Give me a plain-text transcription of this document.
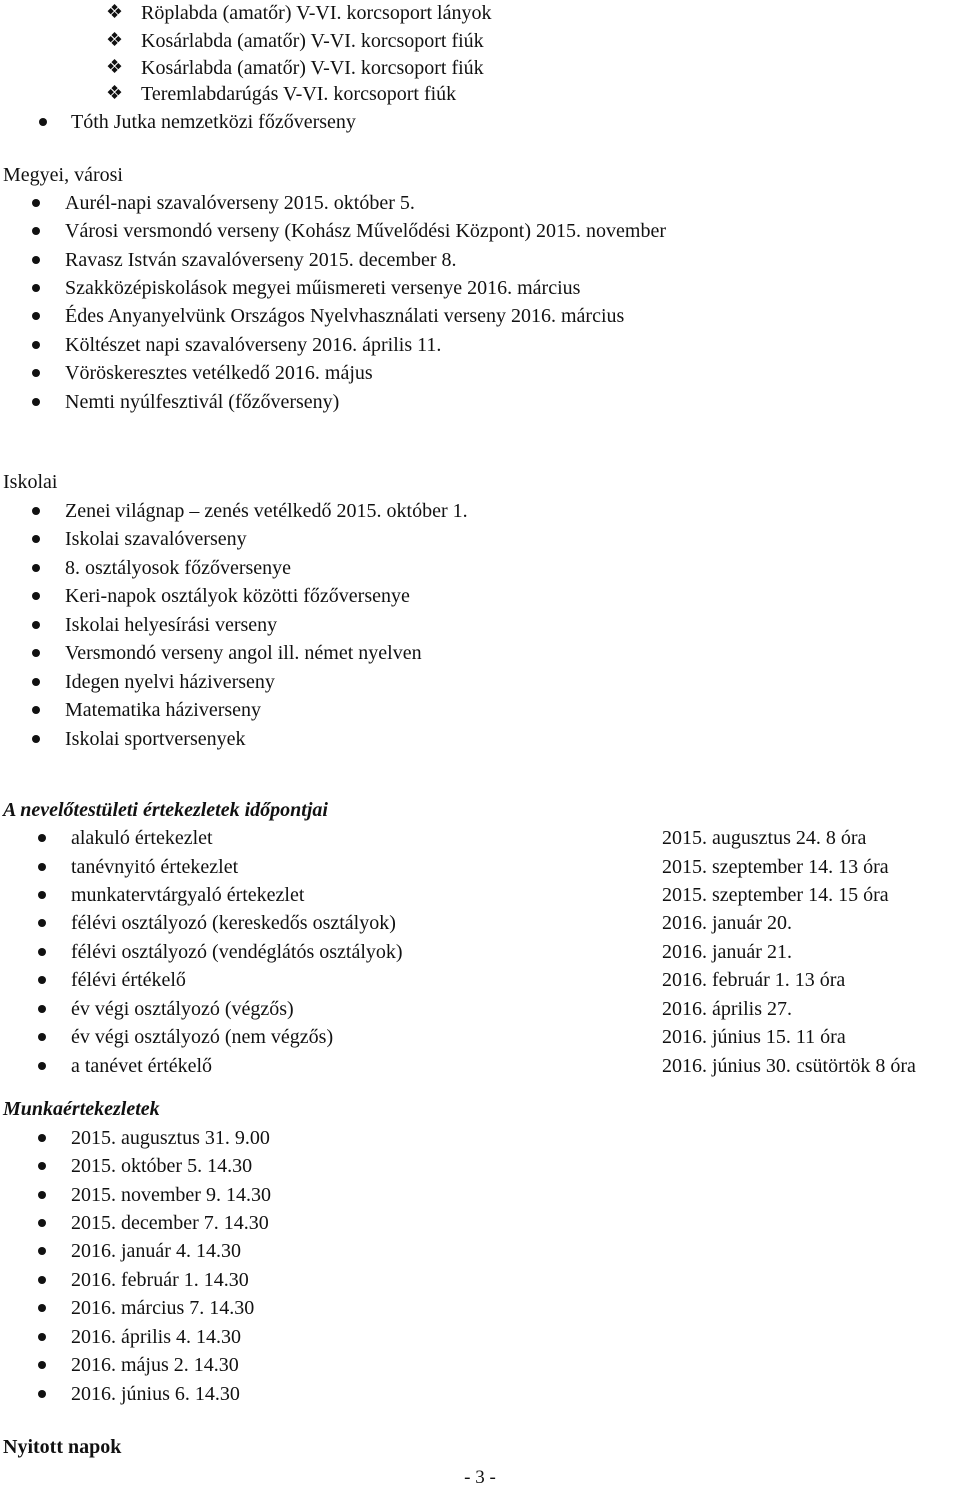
❖ Röplabda (amatőr) V-VI. korcsoport lányok
❖ Kosárlabda (amatőr) V-VI. korcsoport fiúk
❖ Kosárlabda (amatőr) V-VI. korcsoport fiúk
❖ Teremlabdarúgás V-VI. korcsoport fiúk
Tóth Jutka nemzetközi főzőverseny
Megyei, városi
Aurél-napi szavalóverseny 2015. október 5.
Városi versmondó verseny (Kohász Művelődési Központ) 2015. november
Ravasz István szavalóverseny 2015. december 8.
Szakközépiskolások megyei műismereti versenye 2016. március
Édes Anyanyelvünk Országos Nyelvhasználati verseny 2016. március
Költészet napi szavalóverseny 2016. április 11.
Vöröskeresztes vetélkedő 2016. május
Nemti nyúlfesztivál (főzőverseny)
Iskolai
Zenei világnap – zenés vetélkedő 2015. október 1.
Iskolai szavalóverseny
8. osztályosok főzőversenye
Keri-napok osztályok közötti főzőversenye
Iskolai helyesírási verseny
Versmondó verseny angol ill. német nyelven
Idegen nyelvi háziverseny
Matematika háziverseny
Iskolai sportversenyek
A nevelőtestületi értekezletek időpontjai
alakuló értekezlet	2015. augusztus 24. 8 óra
tanévnyitó értekezlet	2015. szeptember 14. 13 óra
munkatervtárgyaló értekezlet	2015. szeptember 14. 15 óra
félévi osztályozó (kereskedős osztályok)	2016. január 20.
félévi osztályozó (vendéglátós osztályok)	2016. január 21.
félévi értékelő	2016. február 1. 13 óra
év végi osztályozó (végzős)	2016. április 27.
év végi osztályozó (nem végzős)	2016. június 15. 11 óra
a tanévet értékelő	2016. június 30. csütörtök 8 óra
Munkaértekezletek
2015. augusztus 31. 9.00
2015. október 5. 14.30
2015. november 9. 14.30
2015. december 7. 14.30
2016. január 4. 14.30
2016. február 1. 14.30
2016. március 7. 14.30
2016. április 4. 14.30
2016. május 2. 14.30
2016. június 6. 14.30
Nyitott napok
- 3 -
